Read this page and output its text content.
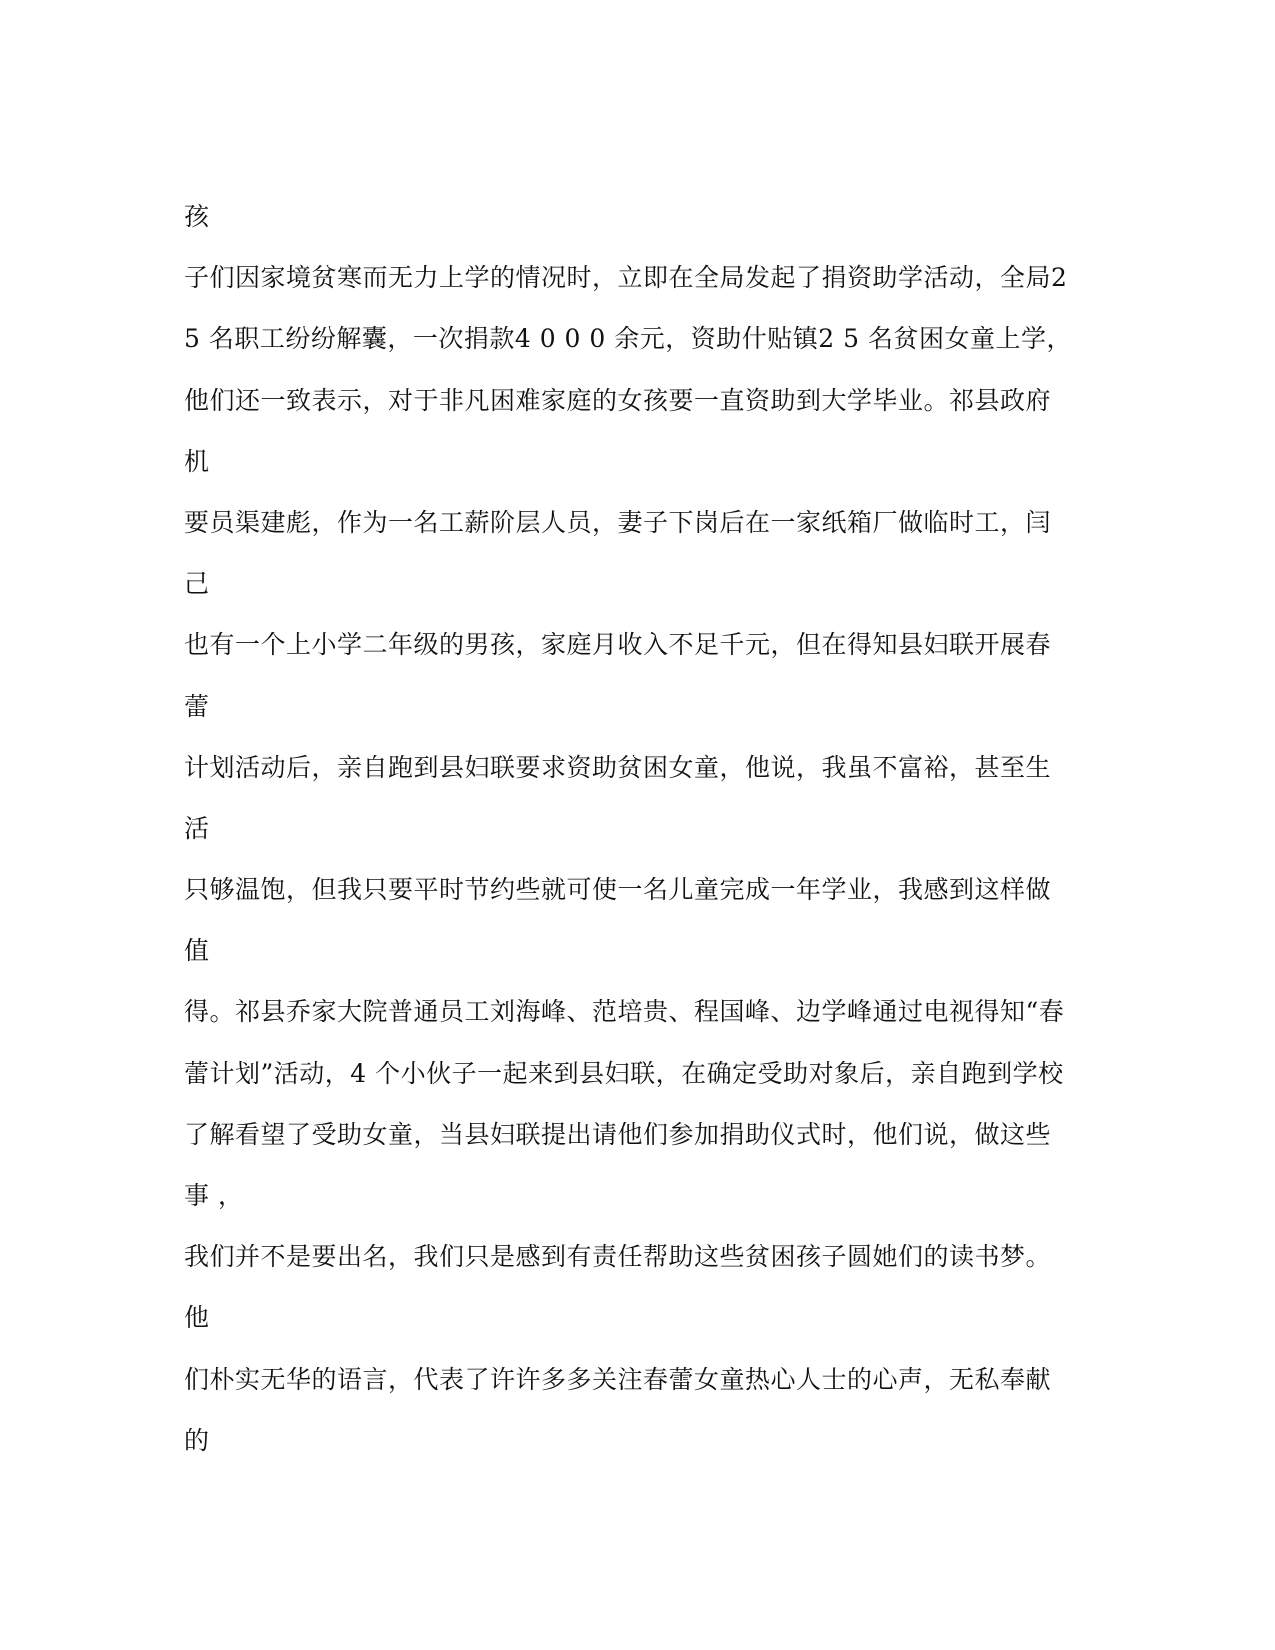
孩
子们因家境贫寒而无力上学的情况时，立即在全局发起了捐资助学活动，全局2
5 名职工纷纷解囊，一次捐款4 0 0 0 余元，资助什贴镇2 5 名贫困女童上学，
他们还一致表示，对于非凡困难家庭的女孩要一直资助到大学毕业。祁县政府
机
要员渠建彪，作为一名工薪阶层人员，妻子下岗后在一家纸箱厂做临时工，闫
己
也有一个上小学二年级的男孩，家庭月收入不足千元，但在得知县妇联开展春
蕾
计划活动后，亲自跑到县妇联要求资助贫困女童，他说，我虽不富裕，甚至生
活
只够温饱，但我只要平时节约些就可使一名儿童完成一年学业，我感到这样做
值
得。祁县乔家大院普通员工刘海峰、范培贵、程国峰、边学峰通过电视得知“春
蕾计划”活动，4 个小伙子一起来到县妇联，在确定受助对象后，亲自跑到学校
了解看望了受助女童，当县妇联提出请他们参加捐助仪式时，他们说，做这些
事 ，
我们并不是要出名，我们只是感到有责任帮助这些贫困孩子圆她们的读书梦。
他
们朴实无华的语言，代表了许许多多关注春蕾女童热心人士的心声，无私奉献
的
